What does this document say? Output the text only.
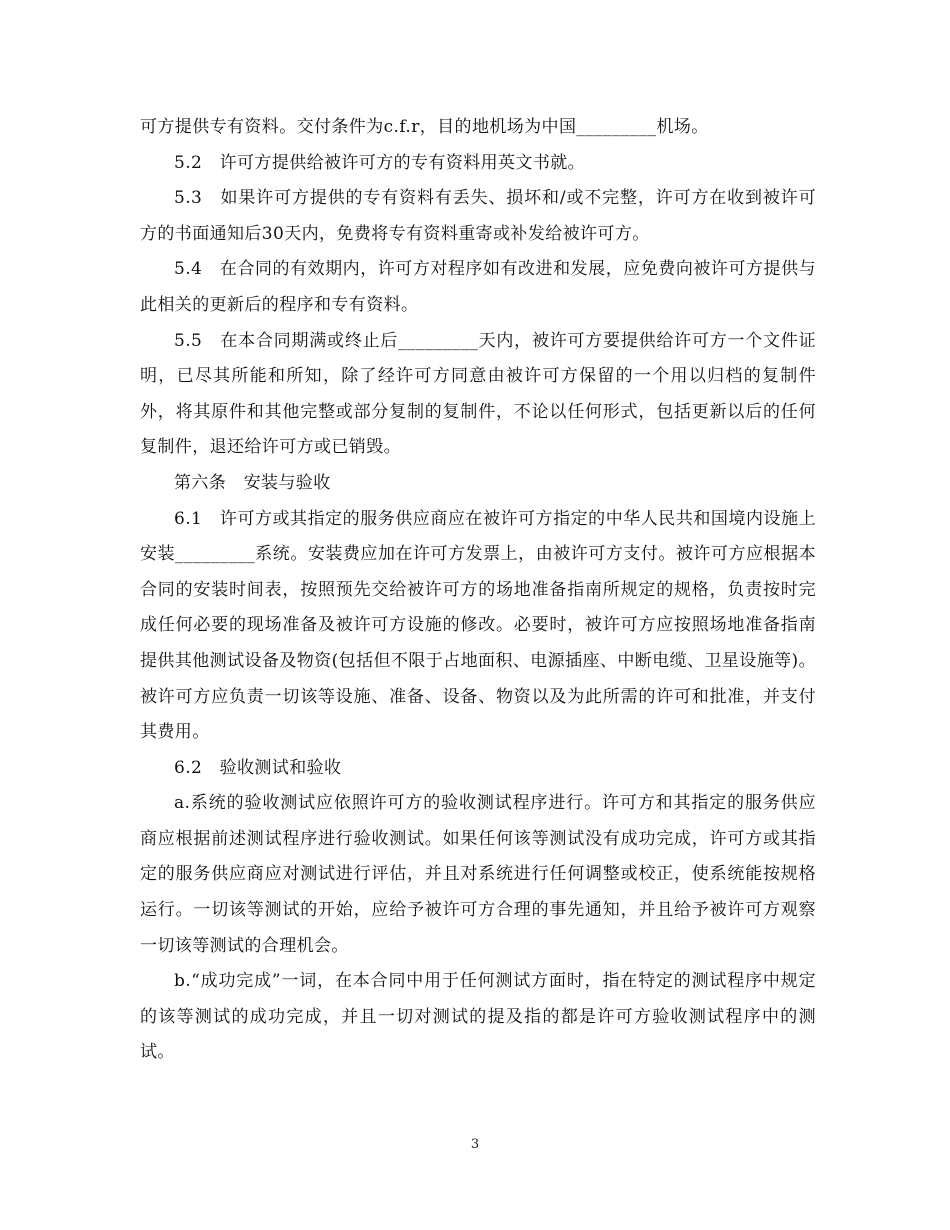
可方提供专有资料。交付条件为c.f.r，目的地机场为中国_________机场。

5.2　许可方提供给被许可方的专有资料用英文书就。

5.3　如果许可方提供的专有资料有丢失、损坏和/或不完整，许可方在收到被许可方的书面通知后30天内，免费将专有资料重寄或补发给被许可方。

5.4　在合同的有效期内，许可方对程序如有改进和发展，应免费向被许可方提供与此相关的更新后的程序和专有资料。

5.5　在本合同期满或终止后_________天内，被许可方要提供给许可方一个文件证明，已尽其所能和所知，除了经许可方同意由被许可方保留的一个用以归档的复制件外，将其原件和其他完整或部分复制的复制件，不论以任何形式，包括更新以后的任何复制件，退还给许可方或已销毁。

第六条　安装与验收

6.1　许可方或其指定的服务供应商应在被许可方指定的中华人民共和国境内设施上安装_________系统。安装费应加在许可方发票上，由被许可方支付。被许可方应根据本合同的安装时间表，按照预先交给被许可方的场地准备指南所规定的规格，负责按时完成任何必要的现场准备及被许可方设施的修改。必要时，被许可方应按照场地准备指南提供其他测试设备及物资(包括但不限于占地面积、电源插座、中断电缆、卫星设施等)。被许可方应负责一切该等设施、准备、设备、物资以及为此所需的许可和批准，并支付其费用。

6.2　验收测试和验收

a.系统的验收测试应依照许可方的验收测试程序进行。许可方和其指定的服务供应商应根据前述测试程序进行验收测试。如果任何该等测试没有成功完成，许可方或其指定的服务供应商应对测试进行评估，并且对系统进行任何调整或校正，使系统能按规格运行。一切该等测试的开始，应给予被许可方合理的事先通知，并且给予被许可方观察一切该等测试的合理机会。

b.“成功完成”一词，在本合同中用于任何测试方面时，指在特定的测试程序中规定的该等测试的成功完成，并且一切对测试的提及指的都是许可方验收测试程序中的测试。

3
